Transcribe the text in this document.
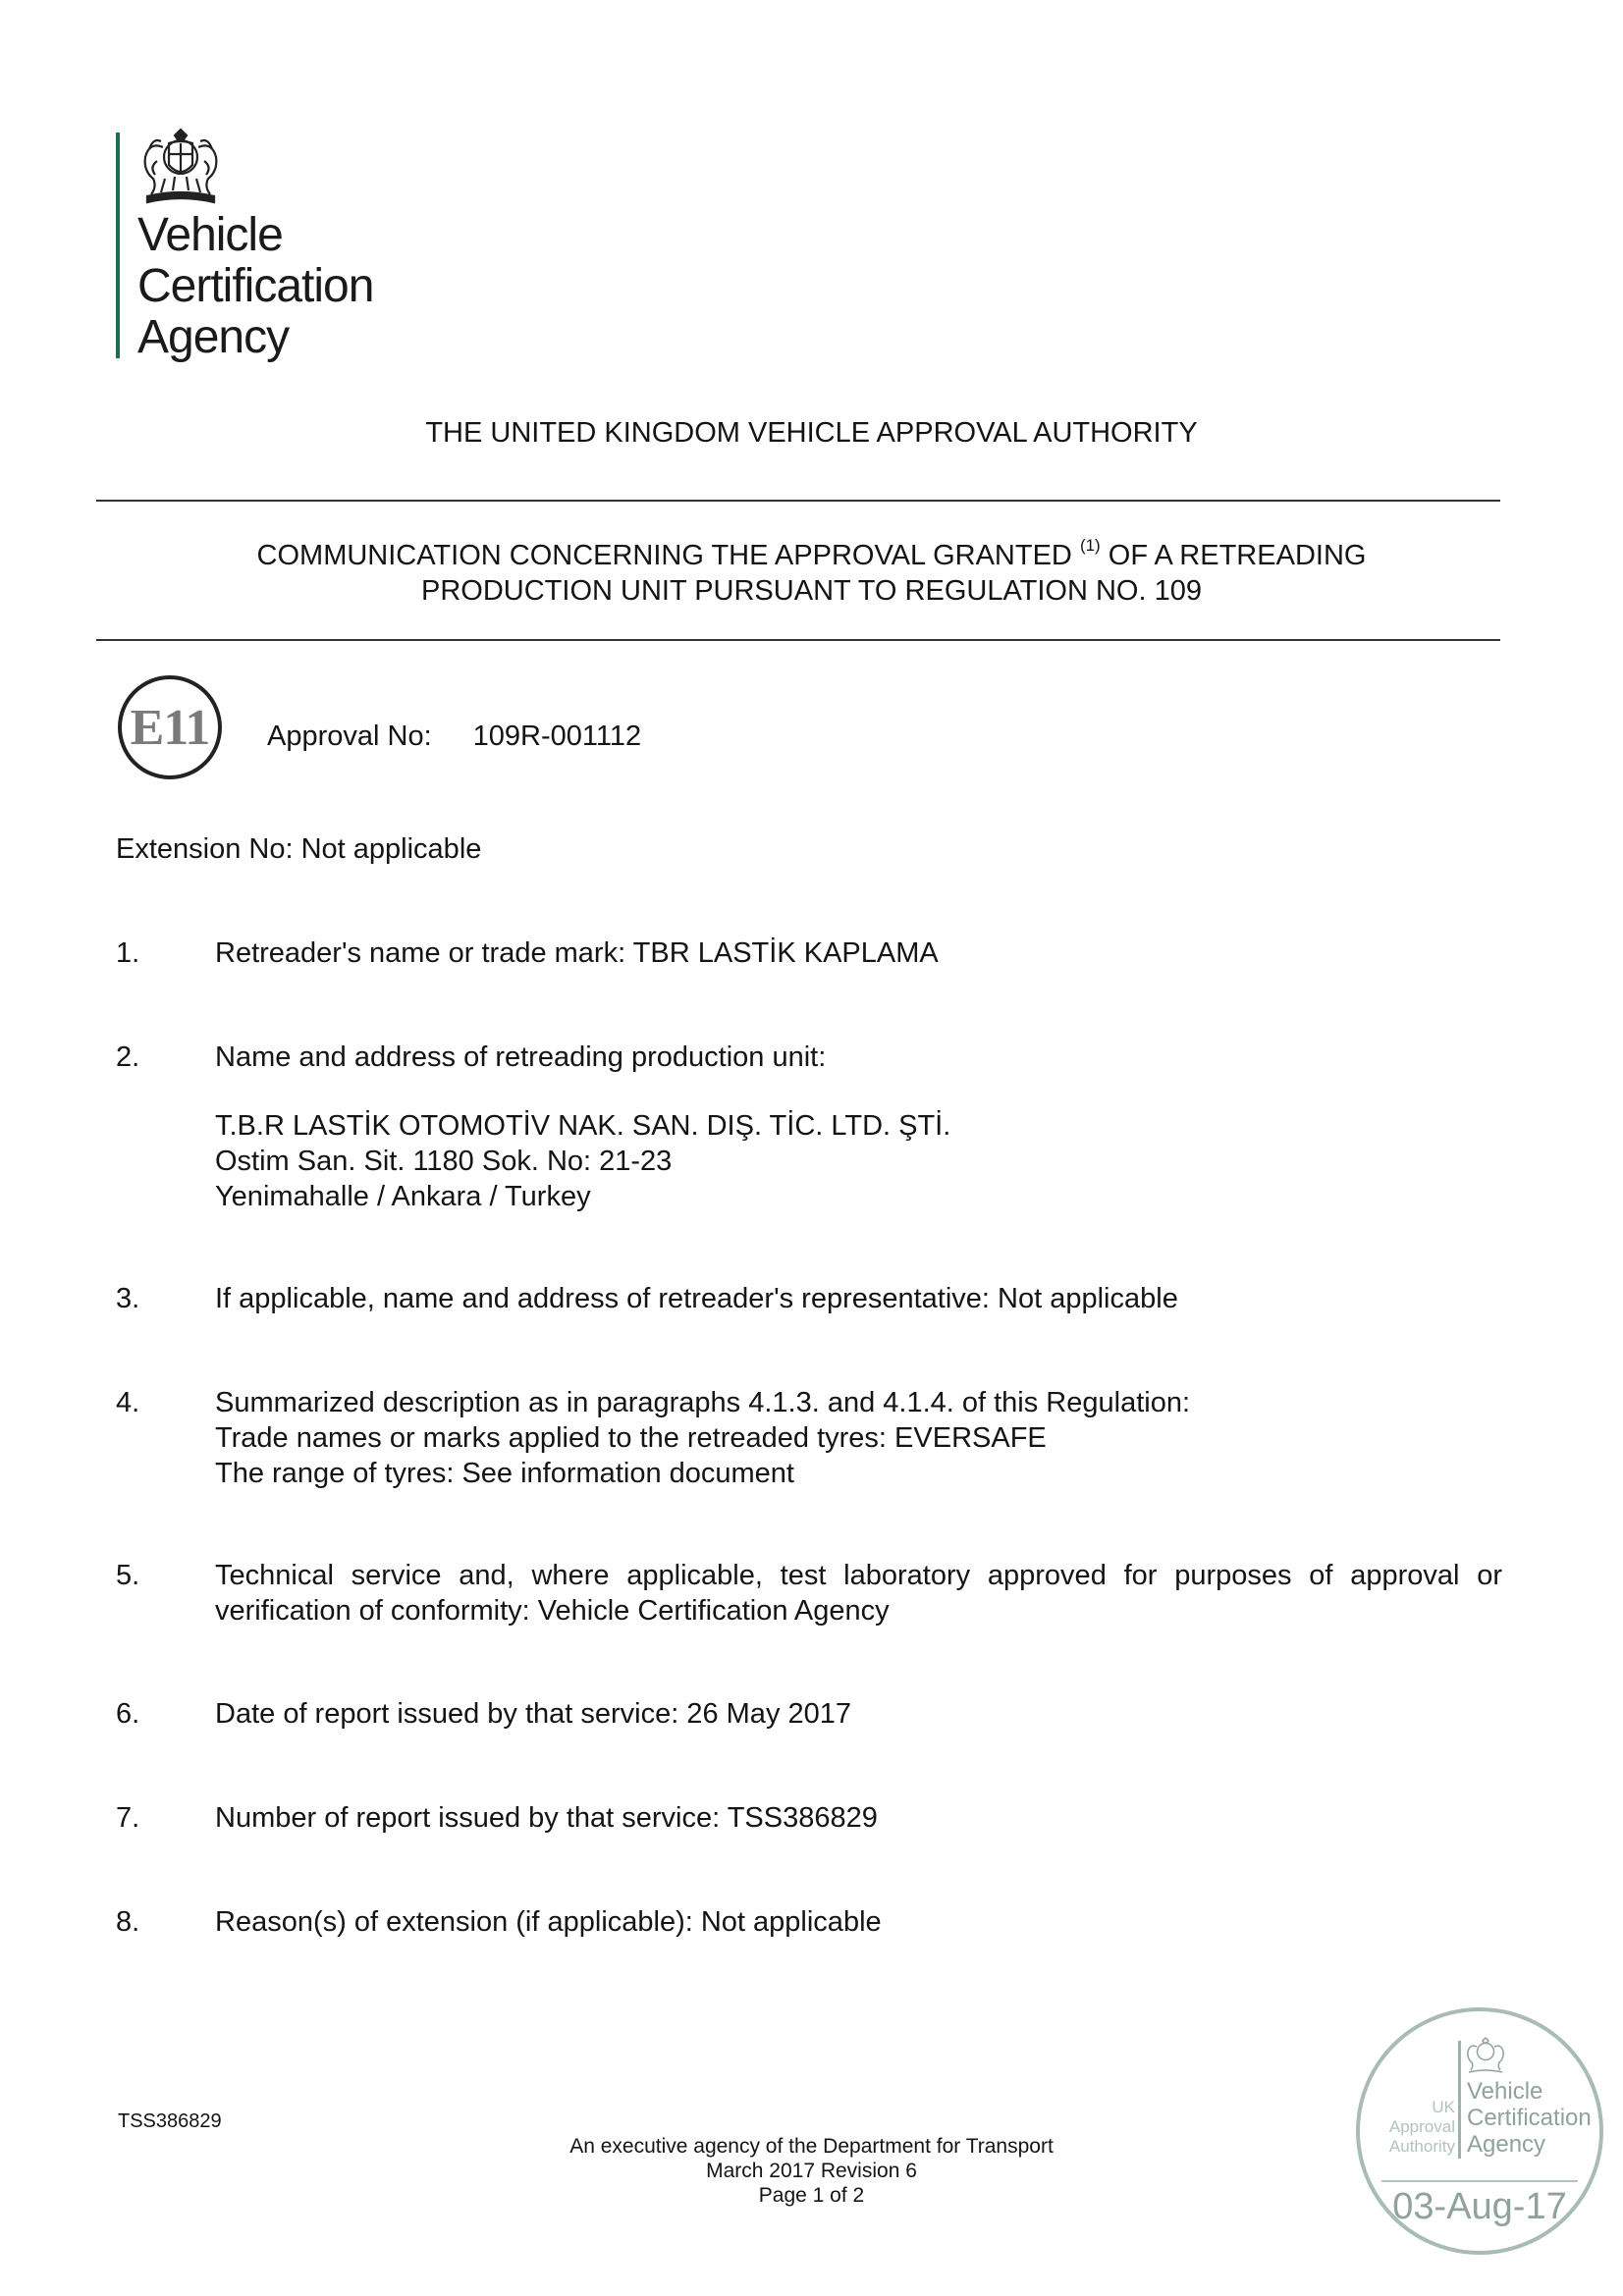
Vehicle
Certification
Agency
THE UNITED KINGDOM VEHICLE APPROVAL AUTHORITY
COMMUNICATION CONCERNING THE APPROVAL GRANTED $^{(1)}$ OF A RETREADING
PRODUCTION UNIT PURSUANT TO REGULATION NO. 109
E11 Approval No: 109R-001112
Extension No: Not applicable
1.	Retreader's name or trade mark: TBR LASTİK KAPLAMA
2.	Name and address of retreading production unit:
T.B.R LASTİK OTOMOTİV NAK. SAN. DIŞ. TİC. LTD. ŞTİ.
Ostim San. Sit. 1180 Sok. No: 21-23
Yenimahalle / Ankara / Turkey
3.	If applicable, name and address of retreader's representative: Not applicable
4.	Summarized description as in paragraphs 4.1.3. and 4.1.4. of this Regulation:
Trade names or marks applied to the retreaded tyres: EVERSAFE
The range of tyres: See information document
5.	Technical service and, where applicable, test laboratory approved for purposes of approval or verification of conformity: Vehicle Certification Agency
6.	Date of report issued by that service: 26 May 2017
7.	Number of report issued by that service: TSS386829
8.	Reason(s) of extension (if applicable): Not applicable
TSS386829
An executive agency of the Department for Transport
March 2017 Revision 6
Page 1 of 2
UK
Approval
Authority
Vehicle
Certification
Agency
03-Aug-17
